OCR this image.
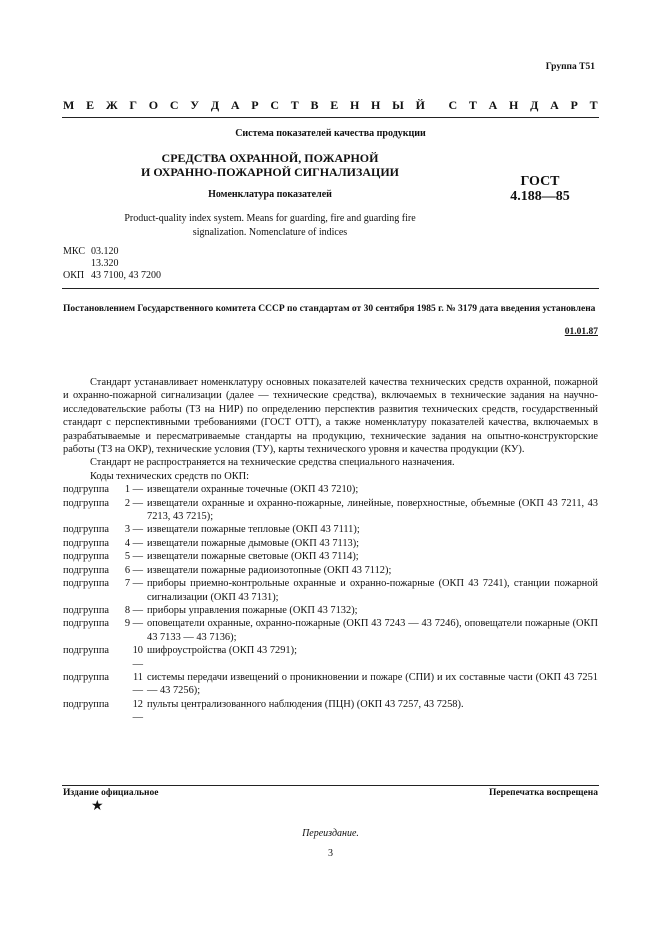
Группа Т51
М Е Ж Г О С У Д А Р С Т В Е Н Н Ы Й С Т А Н Д А Р Т
Система показателей качества продукции
СРЕДСТВА ОХРАННОЙ, ПОЖАРНОЙ
И ОХРАННО-ПОЖАРНОЙ СИГНАЛИЗАЦИИ
Номенклатура показателей
ГОСТ
4.188—85
Product-quality index system. Means for guarding, fire and guarding fire
signalization. Nomenclature of indices
МКС 03.120
13.320
ОКП 43 7100, 43 7200
Постановлением Государственного комитета СССР по стандартам от 30 сентября 1985 г. № 3179 дата введения установлена
01.01.87

Стандарт устанавливает номенклатуру основных показателей качества технических средств охранной, пожарной и охранно-пожарной сигнализации (далее — технические средства), включаемых в технические задания на научно-исследовательские работы (ТЗ на НИР) по определению перспектив развития технических средств, государственный стандарт с перспективными требованиями (ГОСТ ОТТ), а также номенклатуру показателей качества, включаемых в разрабатываемые и пересматриваемые стандарты на продукцию, технические задания на опытно-конструкторские работы (ТЗ на ОКР), технические условия (ТУ), карты технического уровня и качества продукции (КУ).

Стандарт не распространяется на технические средства специального назначения.

Коды технических средств по ОКП:

подгруппа	1 — извещатели охранные точечные (ОКП 43 7210);
подгруппа	2 — извещатели охранные и охранно-пожарные, линейные, поверхностные, объемные (ОКП 43 7211, 43 7213, 43 7215);
подгруппа	3 — извещатели пожарные тепловые (ОКП 43 7111);
подгруппа	4 — извещатели пожарные дымовые (ОКП 43 7113);
подгруппа	5 — извещатели пожарные световые (ОКП 43 7114);
подгруппа	6 — извещатели пожарные радиоизотопные (ОКП 43 7112);
подгруппа	7 — приборы приемно-контрольные охранные и охранно-пожарные (ОКП 43 7241), станции пожарной сигнализации (ОКП 43 7131);
подгруппа	8 — приборы управления пожарные (ОКП 43 7132);
подгруппа	9 — оповещатели охранные, охранно-пожарные (ОКП 43 7243 — 43 7246), оповещатели пожарные (ОКП 43 7133 — 43 7136);
подгруппа	10 —
шифроустройства (ОКП 43 7291);
подгруппа	11 —
системы передачи извещений о проникновении и пожаре (СПИ) и их составные части (ОКП 43 7251 — 43 7256);
подгруппа	12 —
пульты централизованного наблюдения (ПЦН) (ОКП 43 7257, 43 7258).
Издание официальное	Перепечатка воспрещена
★
Переиздание.
3
